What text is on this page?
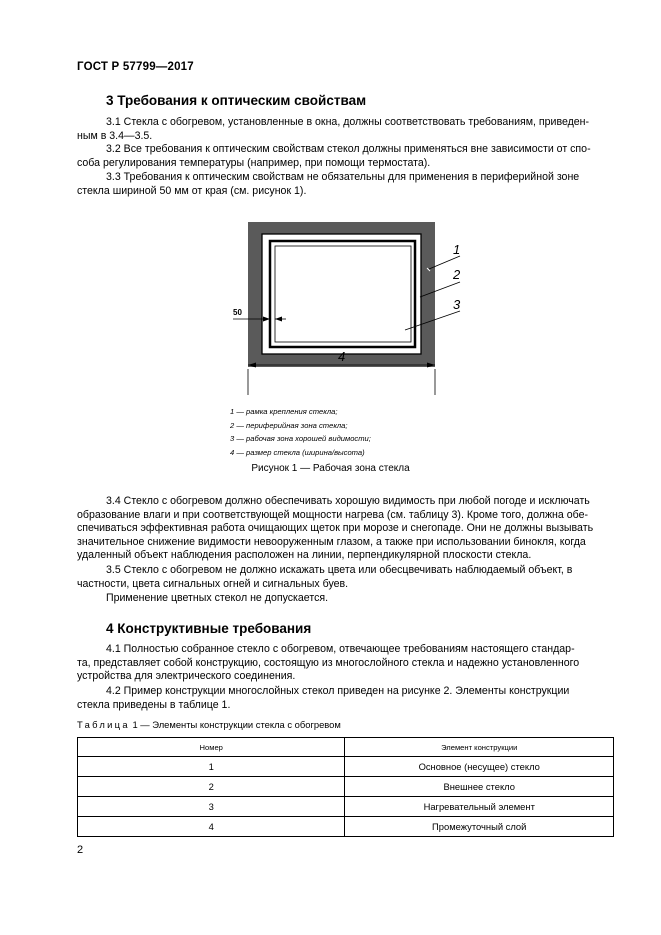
ГОСТ Р 57799—2017
3 Требования к оптическим свойствам
3.1 Стекла с обогревом, установленные в окна, должны соответствовать требованиям, приведен-
ным в 3.4—3.5.
3.2 Все требования к оптическим свойствам стекол должны применяться вне зависимости от спо-
соба регулирования температуры (например, при помощи термостата).
3.3 Требования к оптическим свойствам не обязательны для применения в периферийной зоне
стекла шириной 50 мм от края (см. рисунок 1).
1
2
3
4
50
1 — рамка крепления стекла;
2 — периферийная зона стекла;
3 — рабочая зона хорошей видимости;
4 — размер стекла (ширина/высота)
Рисунок 1 — Рабочая зона стекла
3.4 Стекло с обогревом должно обеспечивать хорошую видимость при любой погоде и исключать
образование влаги и при соответствующей мощности нагрева (см. таблицу 3). Кроме того, должна обе-
спечиваться эффективная работа очищающих щеток при морозе и снегопаде. Они не должны вызывать
значительное снижение видимости невооруженным глазом, а также при использовании бинокля, когда
удаленный объект наблюдения расположен на линии, перпендикулярной плоскости стекла.
3.5 Стекло с обогревом не должно искажать цвета или обесцвечивать наблюдаемый объект, в
частности, цвета сигнальных огней и сигнальных буев.
Применение цветных стекол не допускается.
4 Конструктивные требования
4.1 Полностью собранное стекло с обогревом, отвечающее требованиям настоящего стандар-
та, представляет собой конструкцию, состоящую из многослойного стекла и надежно установленного
устройства для электрического соединения.
4.2 Пример конструкции многослойных стекол приведен на рисунке 2. Элементы конструкции
стекла приведены в таблице 1.
Таблица 1 — Элементы конструкции стекла с обогревом
Номер	Элемент конструкции
1	Основное (несущее) стекло
2	Внешнее стекло
3	Нагревательный элемент
4	Промежуточный слой
2
